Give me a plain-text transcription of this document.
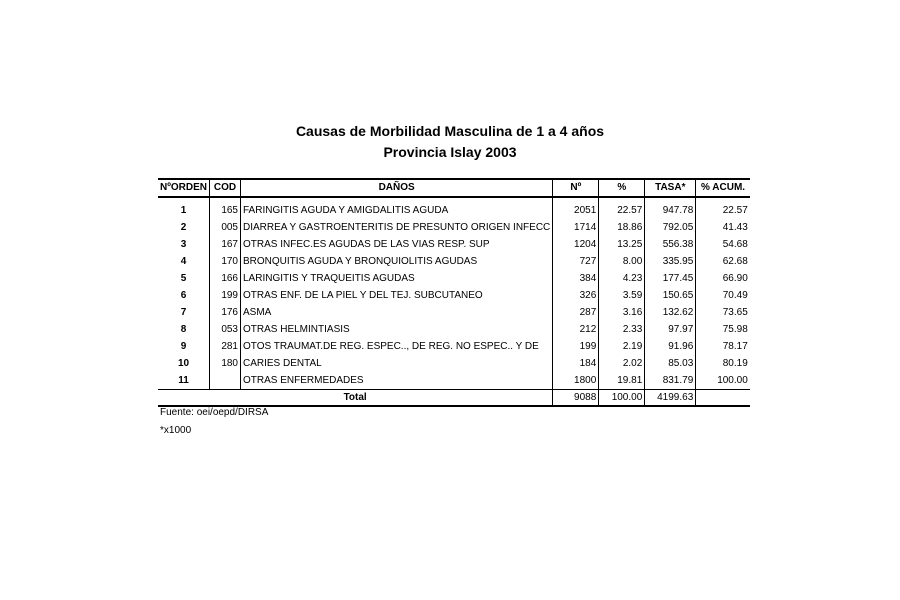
Causas de Morbilidad Masculina de 1 a 4 años
Provincia Islay 2003
NºORDEN	COD	DAÑOS	Nº	%	TASA*	% ACUM.

1	165	FARINGITIS AGUDA Y AMIGDALITIS AGUDA	2051	22.57	947.78	22.57
2	005	DIARREA Y GASTROENTERITIS DE PRESUNTO ORIGEN INFECC	1714	18.86	792.05	41.43
3	167	OTRAS INFEC.ES AGUDAS DE LAS VIAS RESP. SUP	1204	13.25	556.38	54.68
4	170	BRONQUITIS AGUDA Y BRONQUIOLITIS AGUDAS	727	8.00	335.95	62.68
5	166	LARINGITIS Y TRAQUEITIS AGUDAS	384	4.23	177.45	66.90
6	199	OTRAS ENF. DE LA PIEL Y DEL TEJ. SUBCUTANEO	326	3.59	150.65	70.49
7	176	ASMA	287	3.16	132.62	73.65
8	053	OTRAS HELMINTIASIS	212	2.33	97.97	75.98
9	281	OTOS TRAUMAT.DE REG. ESPEC.., DE REG. NO ESPEC.. Y DE	199	2.19	91.96	78.17
10	180	CARIES DENTAL	184	2.02	85.03	80.19
11		OTRAS ENFERMEDADES	1800	19.81	831.79	100.00
Total			9088	100.00	4199.63	
Fuente: oei/oepd/DIRSA
*x1000
